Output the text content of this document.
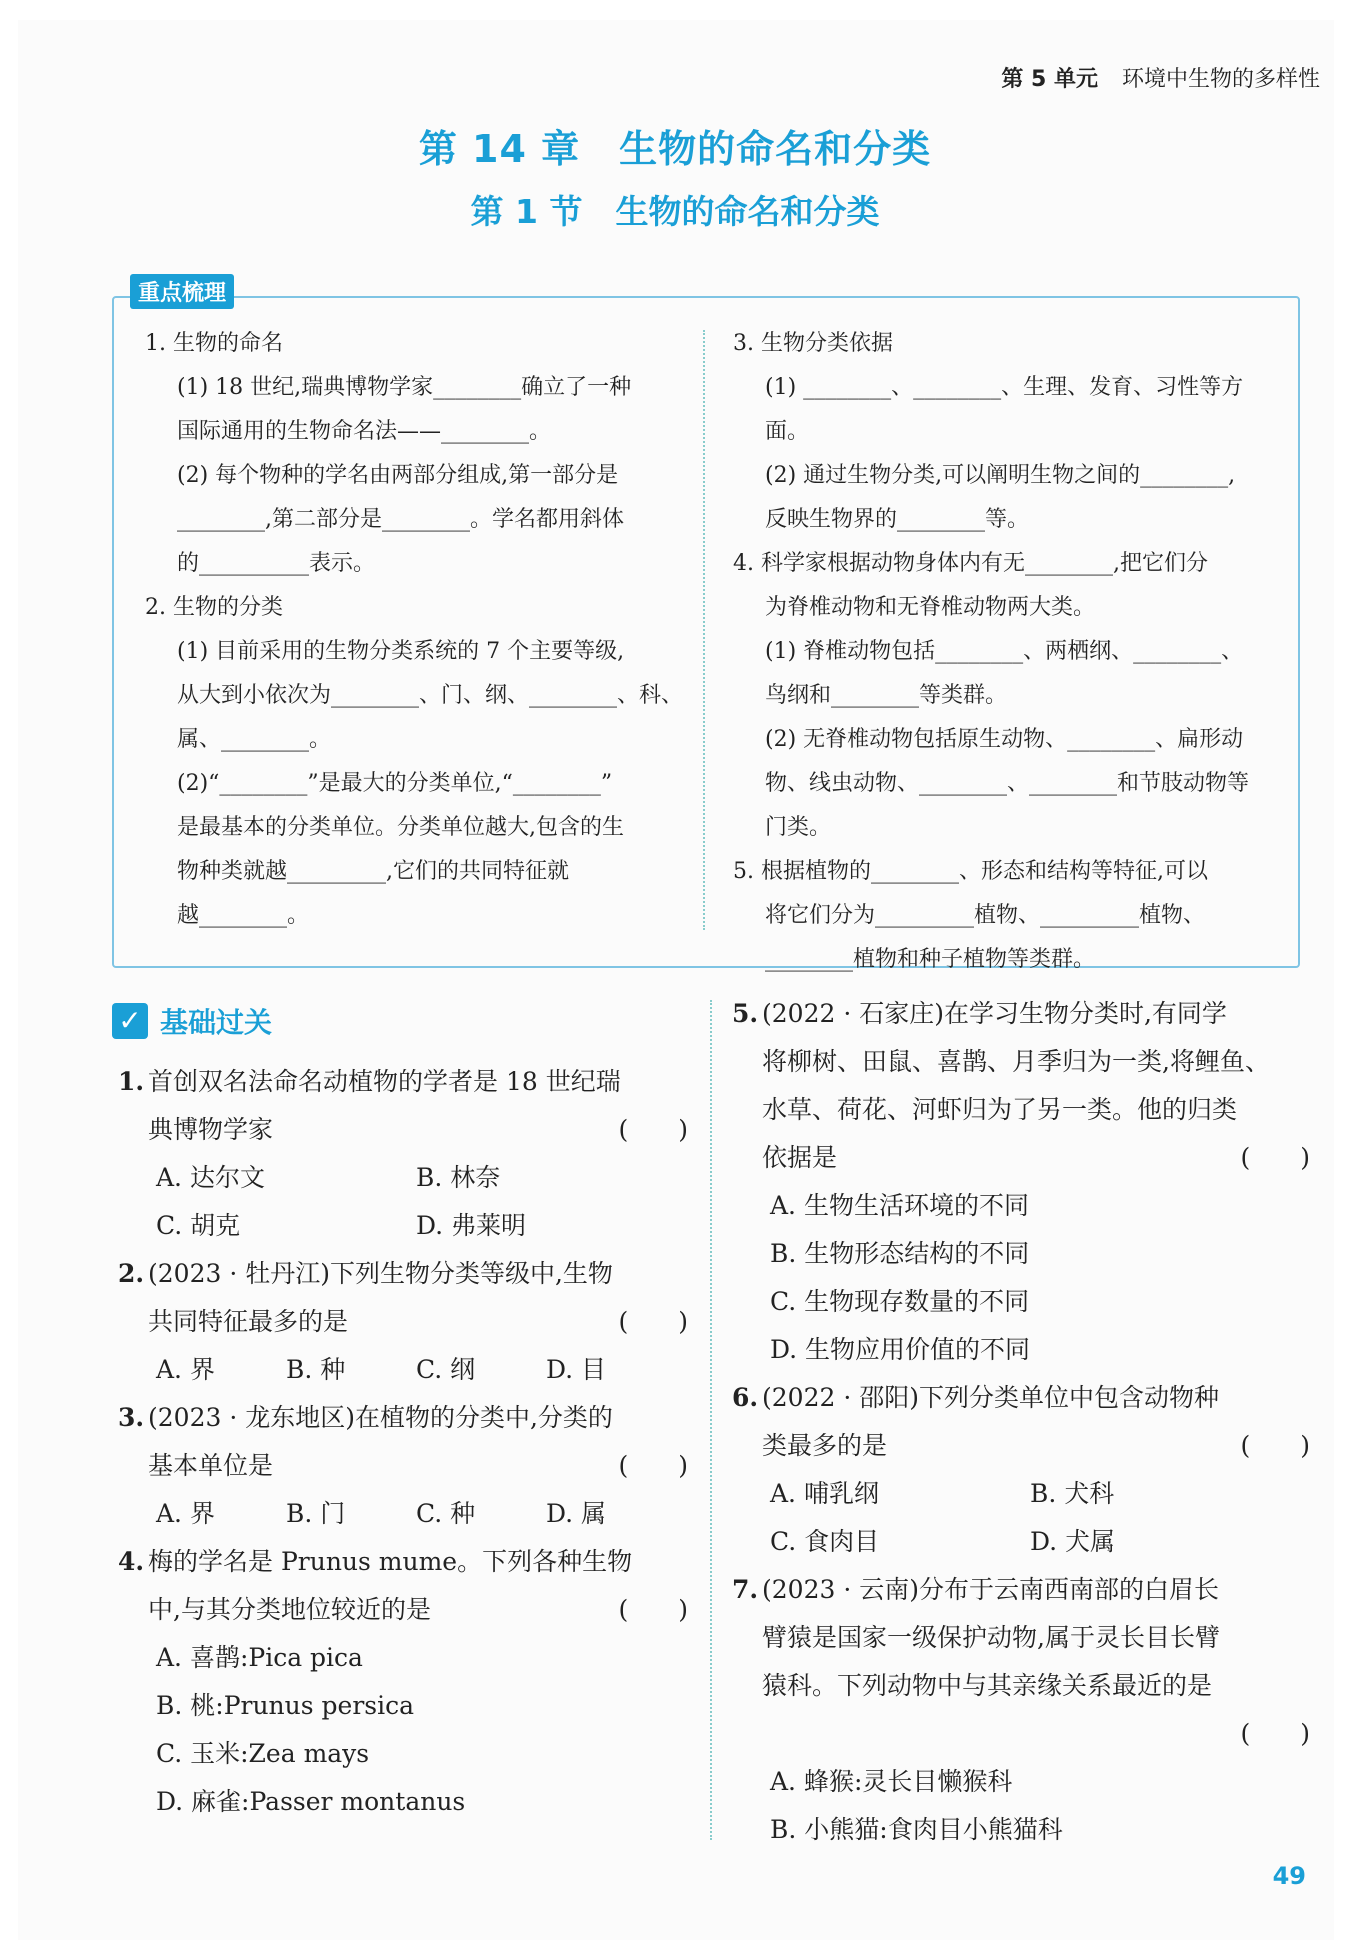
第 5 单元 环境中生物的多样性
第 14 章　生物的命名和分类
第 1 节　生物的命名和分类
重点梳理

1. 生物的命名

(1) 18 世纪,瑞典博物学家________确立了一种

国际通用的生物命名法——________。

(2) 每个物种的学名由两部分组成,第一部分是

________,第二部分是________。学名都用斜体

的__________表示。

2. 生物的分类

(1) 目前采用的生物分类系统的 7 个主要等级,

从大到小依次为________、门、纲、________、科、

属、________。

(2)“________”是最大的分类单位,“________”

是最基本的分类单位。分类单位越大,包含的生

物种类就越_________,它们的共同特征就

越________。

3. 生物分类依据

(1) ________、________、生理、发育、习性等方面。

(2) 通过生物分类,可以阐明生物之间的________,

反映生物界的________等。

4. 科学家根据动物身体内有无________,把它们分

为脊椎动物和无脊椎动物两大类。

(1) 脊椎动物包括________、两栖纲、________、

鸟纲和________等类群。

(2) 无脊椎动物包括原生动物、________、扁形动

物、线虫动物、________、________和节肢动物等

门类。

5. 根据植物的________、形态和结构等特征,可以

将它们分为_________植物、_________植物、

________植物和种子植物等类群。

✓ 基础过关

1. 首创双名法命名动植物的学者是 18 世纪瑞

典博物学家	(　　)

A. 达尔文	B. 林奈
C. 胡克	D. 弗莱明

2. (2023 · 牡丹江)下列生物分类等级中,生物

共同特征最多的是	(　　)

A. 界	B. 种	C. 纲	D. 目

3. (2023 · 龙东地区)在植物的分类中,分类的

基本单位是	(　　)

A. 界	B. 门	C. 种	D. 属

4. 梅的学名是 Prunus mume。下列各种生物

中,与其分类地位较近的是	(　　)

A. 喜鹊:Pica pica

B. 桃:Prunus persica

C. 玉米:Zea mays

D. 麻雀:Passer montanus

5. (2022 · 石家庄)在学习生物分类时,有同学

将柳树、田鼠、喜鹊、月季归为一类,将鲤鱼、

水草、荷花、河虾归为了另一类。他的归类

依据是	(　　)

A. 生物生活环境的不同

B. 生物形态结构的不同

C. 生物现存数量的不同

D. 生物应用价值的不同

6. (2022 · 邵阳)下列分类单位中包含动物种

类最多的是	(　　)

A. 哺乳纲	B. 犬科
C. 食肉目	D. 犬属

7. (2023 · 云南)分布于云南西南部的白眉长

臂猿是国家一级保护动物,属于灵长目长臂

猿科。下列动物中与其亲缘关系最近的是

(　　)

A. 蜂猴:灵长目懒猴科

B. 小熊猫:食肉目小熊猫科

49
